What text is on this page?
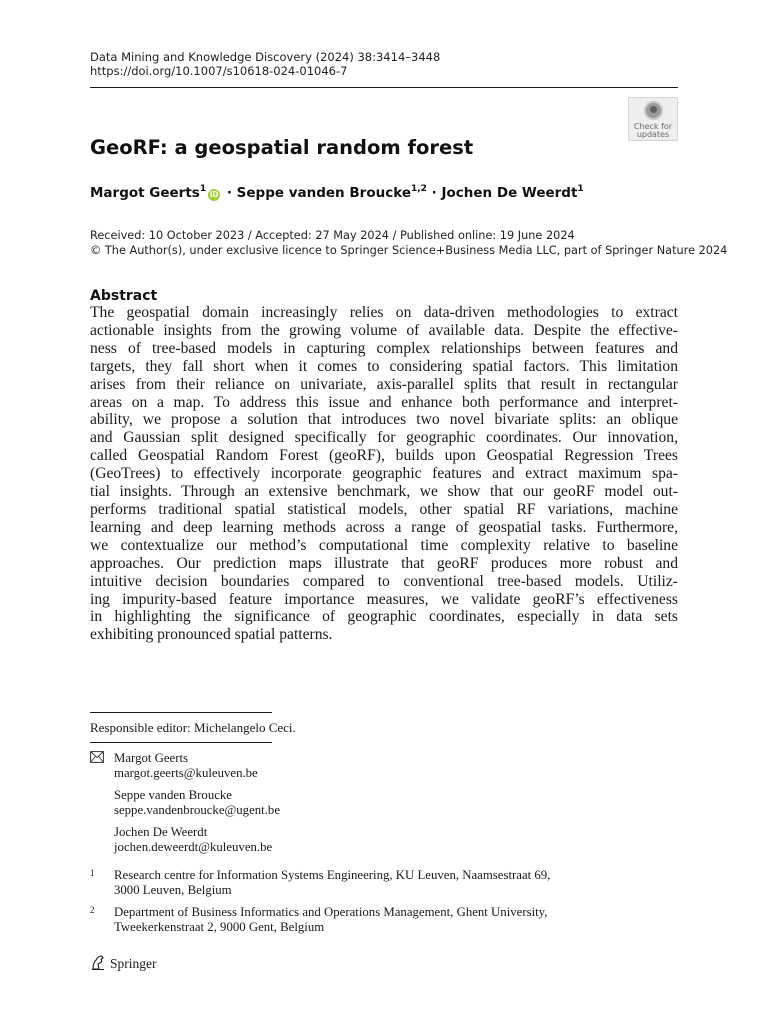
Data Mining and Knowledge Discovery (2024) 38:3414–3448
https://doi.org/10.1007/s10618-024-01046-7
Check for
updates
GeoRF: a geospatial random forest
Margot Geerts$^1$iD · Seppe vanden Broucke$^{1,2}$ · Jochen De Weerdt$^1$
Received: 10 October 2023 / Accepted: 27 May 2024 / Published online: 19 June 2024
© The Author(s), under exclusive licence to Springer Science+Business Media LLC, part of Springer Nature 2024
Abstract
The geospatial domain increasingly relies on data-driven methodologies to extract
actionable insights from the growing volume of available data. Despite the effective-
ness of tree-based models in capturing complex relationships between features and
targets, they fall short when it comes to considering spatial factors. This limitation
arises from their reliance on univariate, axis-parallel splits that result in rectangular
areas on a map. To address this issue and enhance both performance and interpret-
ability, we propose a solution that introduces two novel bivariate splits: an oblique
and Gaussian split designed specifically for geographic coordinates. Our innovation,
called Geospatial Random Forest (geoRF), builds upon Geospatial Regression Trees
(GeoTrees) to effectively incorporate geographic features and extract maximum spa-
tial insights. Through an extensive benchmark, we show that our geoRF model out-
performs traditional spatial statistical models, other spatial RF variations, machine
learning and deep learning methods across a range of geospatial tasks. Furthermore,
we contextualize our method’s computational time complexity relative to baseline
approaches. Our prediction maps illustrate that geoRF produces more robust and
intuitive decision boundaries compared to conventional tree-based models. Utiliz-
ing impurity-based feature importance measures, we validate geoRF’s effectiveness
in highlighting the significance of geographic coordinates, especially in data sets
exhibiting pronounced spatial patterns.
Responsible editor: Michelangelo Ceci.
Margot Geerts
margot.geerts@kuleuven.be
Seppe vanden Broucke
seppe.vandenbroucke@ugent.be
Jochen De Weerdt
jochen.deweerdt@kuleuven.be
1 Research centre for Information Systems Engineering, KU Leuven, Naamsestraat 69,
3000 Leuven, Belgium
2 Department of Business Informatics and Operations Management, Ghent University,
Tweekerkenstraat 2, 9000 Gent, Belgium
Springer
